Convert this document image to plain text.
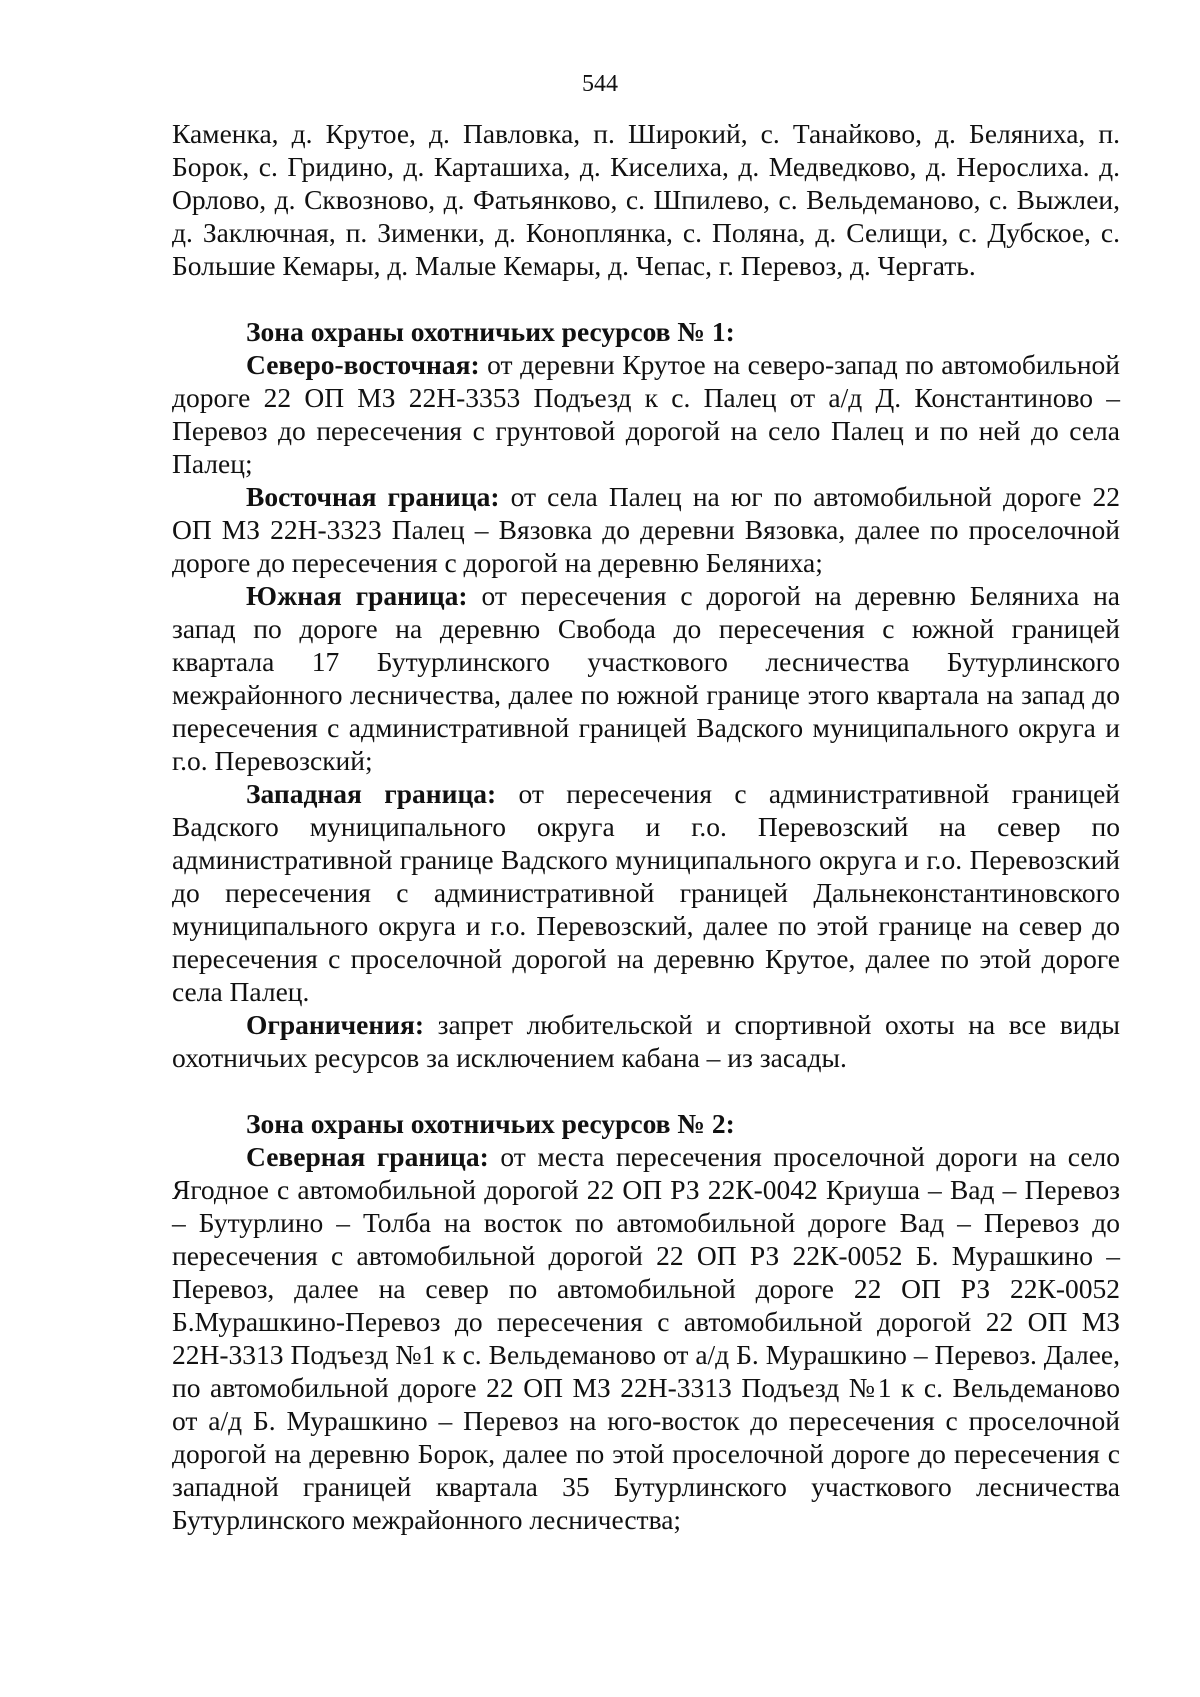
544

Каменка, д. Крутое, д. Павловка, п. Широкий, с. Танайково, д. Беляниха, п. Борок, с. Гридино, д. Карташиха, д. Киселиха, д. Медведково, д. Нерослиха. д. Орлово, д. Сквозново, д. Фатьянково, с. Шпилево, с. Вельдеманово, с. Выжлеи, д. Заключная, п. Зименки, д. Коноплянка, с. Поляна, д. Селищи, с. Дубское, с. Большие Кемары, д. Малые Кемары, д. Чепас, г. Перевоз, д. Чергать.

Зона охраны охотничьих ресурсов № 1:

Северо-восточная: от деревни Крутое на северо-запад по автомобильной дороге 22 ОП МЗ 22Н-3353 Подъезд к с. Палец от а/д Д. Константиново – Перевоз до пересечения с грунтовой дорогой на село Палец и по ней до села Палец;

Восточная граница: от села Палец на юг по автомобильной дороге 22 ОП МЗ 22Н-3323 Палец – Вязовка до деревни Вязовка, далее по проселочной дороге до пересечения с дорогой на деревню Беляниха;

Южная граница: от пересечения с дорогой на деревню Беляниха на запад по дороге на деревню Свобода до пересечения с южной границей квартала 17 Бутурлинского участкового лесничества Бутурлинского межрайонного лесничества, далее по южной границе этого квартала на запад до пересечения с административной границей Вадского муниципального округа и г.о. Перевозский;

Западная граница: от пересечения с административной границей Вадского муниципального округа и г.о. Перевозский на север по административной границе Вадского муниципального округа и г.о. Перевозский до пересечения с административной границей Дальнеконстантиновского муниципального округа и г.о. Перевозский, далее по этой границе на север до пересечения с проселочной дорогой на деревню Крутое, далее по этой дороге села Палец.

Ограничения: запрет любительской и спортивной охоты на все виды охотничьих ресурсов за исключением кабана – из засады.

Зона охраны охотничьих ресурсов № 2:

Северная граница: от места пересечения проселочной дороги на село Ягодное с автомобильной дорогой 22 ОП РЗ 22К-0042 Криуша – Вад – Перевоз – Бутурлино – Толба на восток по автомобильной дороге Вад – Перевоз до пересечения с автомобильной дорогой 22 ОП РЗ 22К-0052 Б. Мурашкино – Перевоз, далее на север по автомобильной дороге 22 ОП РЗ 22К-0052 Б.Мурашкино-Перевоз до пересечения с автомобильной дорогой 22 ОП МЗ 22Н-3313 Подъезд №1 к с. Вельдеманово от а/д Б. Мурашкино – Перевоз. Далее, по автомобильной дороге 22 ОП МЗ 22Н-3313 Подъезд №1 к с. Вельдеманово от а/д Б. Мурашкино – Перевоз на юго-восток до пересечения с проселочной дорогой на деревню Борок, далее по этой проселочной дороге до пересечения с западной границей квартала 35 Бутурлинского участкового лесничества Бутурлинского межрайонного лесничества;
